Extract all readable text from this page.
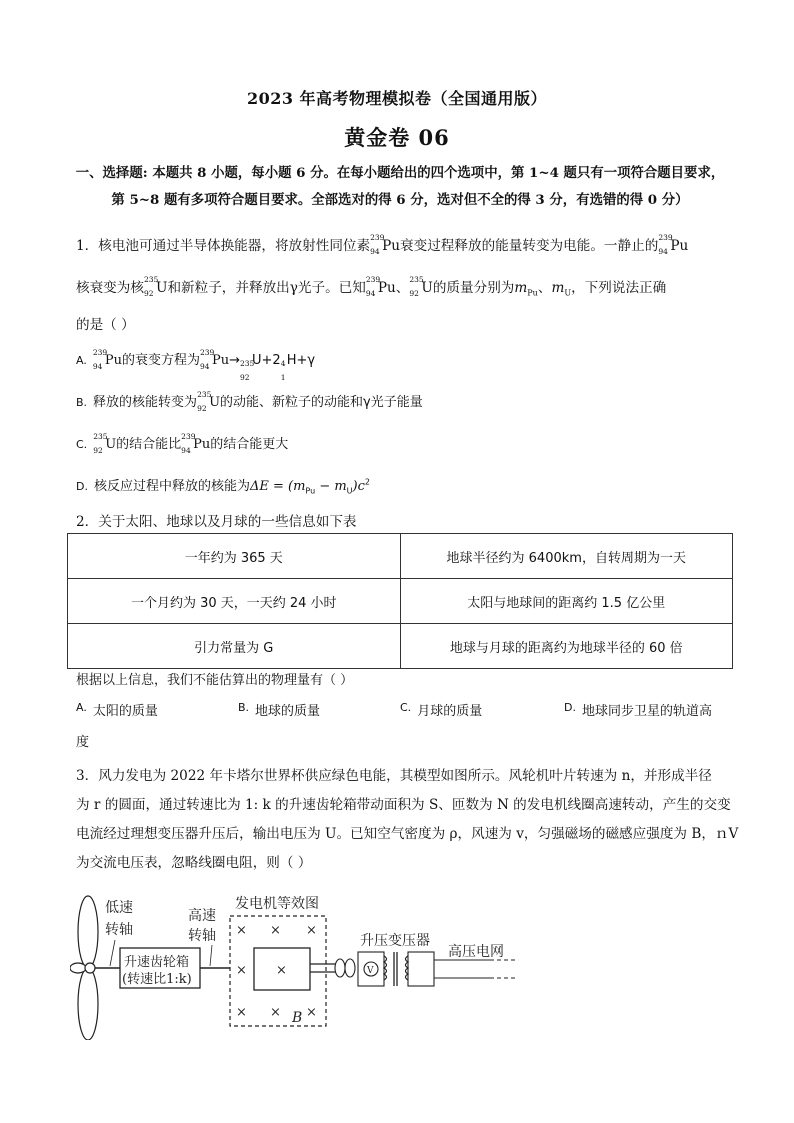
2023 年高考物理模拟卷（全国通用版）
黄金卷 06
一、选择题: 本题共 8 小题，每小题 6 分。在每小题给出的四个选项中，第 1~4 题只有一项符合题目要求，
第 5~8 题有多项符合题目要求。全部选对的得 6 分，选对但不全的得 3 分，有选错的得 0 分）
1．核电池可通过半导体换能器，将放射性同位素
239
94 Pu衰变过程释放的能量转变为电能。一静止的
239
94 Pu
核衰变为核
235
92 U和新粒子，并释放出γ光子。已知
239
94 Pu、
235
92 U的质量分别为$m_{Pu}$、$m_U$，下列说法正确
的是（ ）
A.
239
94 Pu的衰变方程为
239
94 Pu→ 235
92
U+2 4
1
H+γ
B. 释放的核能转变为
235
92 U的动能、新粒子的动能和γ光子能量
C.
235
92 U的结合能比
239
94 Pu的结合能更大
D. 核反应过程中释放的核能为$\Delta E = (m_{Pu} - m_U)c^2$
2．关于太阳、地球以及月球的一些信息如下表
一年约为 365 天	地球半径约为 6400km，自转周期为一天
一个月约为 30 天，一天约 24 小时	太阳与地球间的距离约 1.5 亿公里
引力常量为 G	地球与月球的距离约为地球半径的 60 倍
根据以上信息，我们不能估算出的物理量有（ ）
A. 太阳的质量	B. 地球的质量	C. 月球的质量	D. 地球同步卫星的轨道高
度
3．风力发电为 2022 年卡塔尔世界杯供应绿色电能，其模型如图所示。风轮机叶片转速为 n，并形成半径
为 r 的圆面，通过转速比为 1: k 的升速齿轮箱带动面积为 S、匝数为 N 的发电机线圈高速转动，产生的交变
电流经过理想变压器升压后，输出电压为 U。已知空气密度为 ρ，风速为 v，匀强磁场的磁感应强度为 B，ｎV
为交流电压表，忽略线圈电阻，则（ ）
低速
转轴
升速齿轮箱
(转速比1:k)
高速
转轴
发电机等效图
× × ×
×
× × ×
×
B
V
升压变压器
高压电网
